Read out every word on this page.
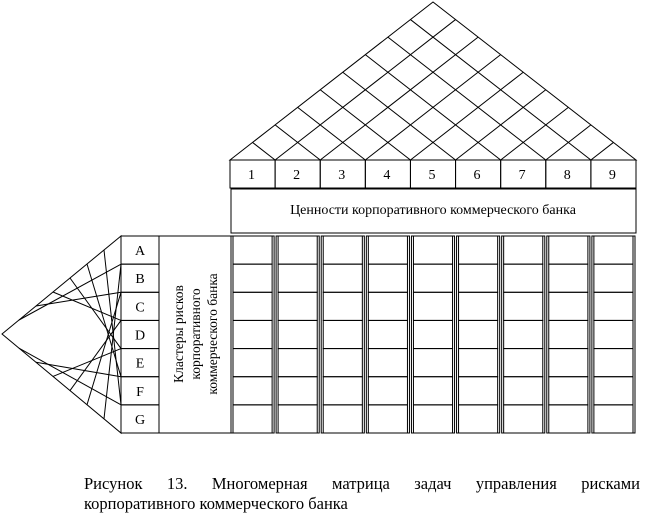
1	2	3	4	5	6	7	8	9
Ценности корпоративного коммерческого банка
A
B
C
D
E
F
G
Кластеры рисков корпоративного коммерческого банка
Рисунок 13. Многомерная матрица задач управления рисками
корпоративного коммерческого банка
